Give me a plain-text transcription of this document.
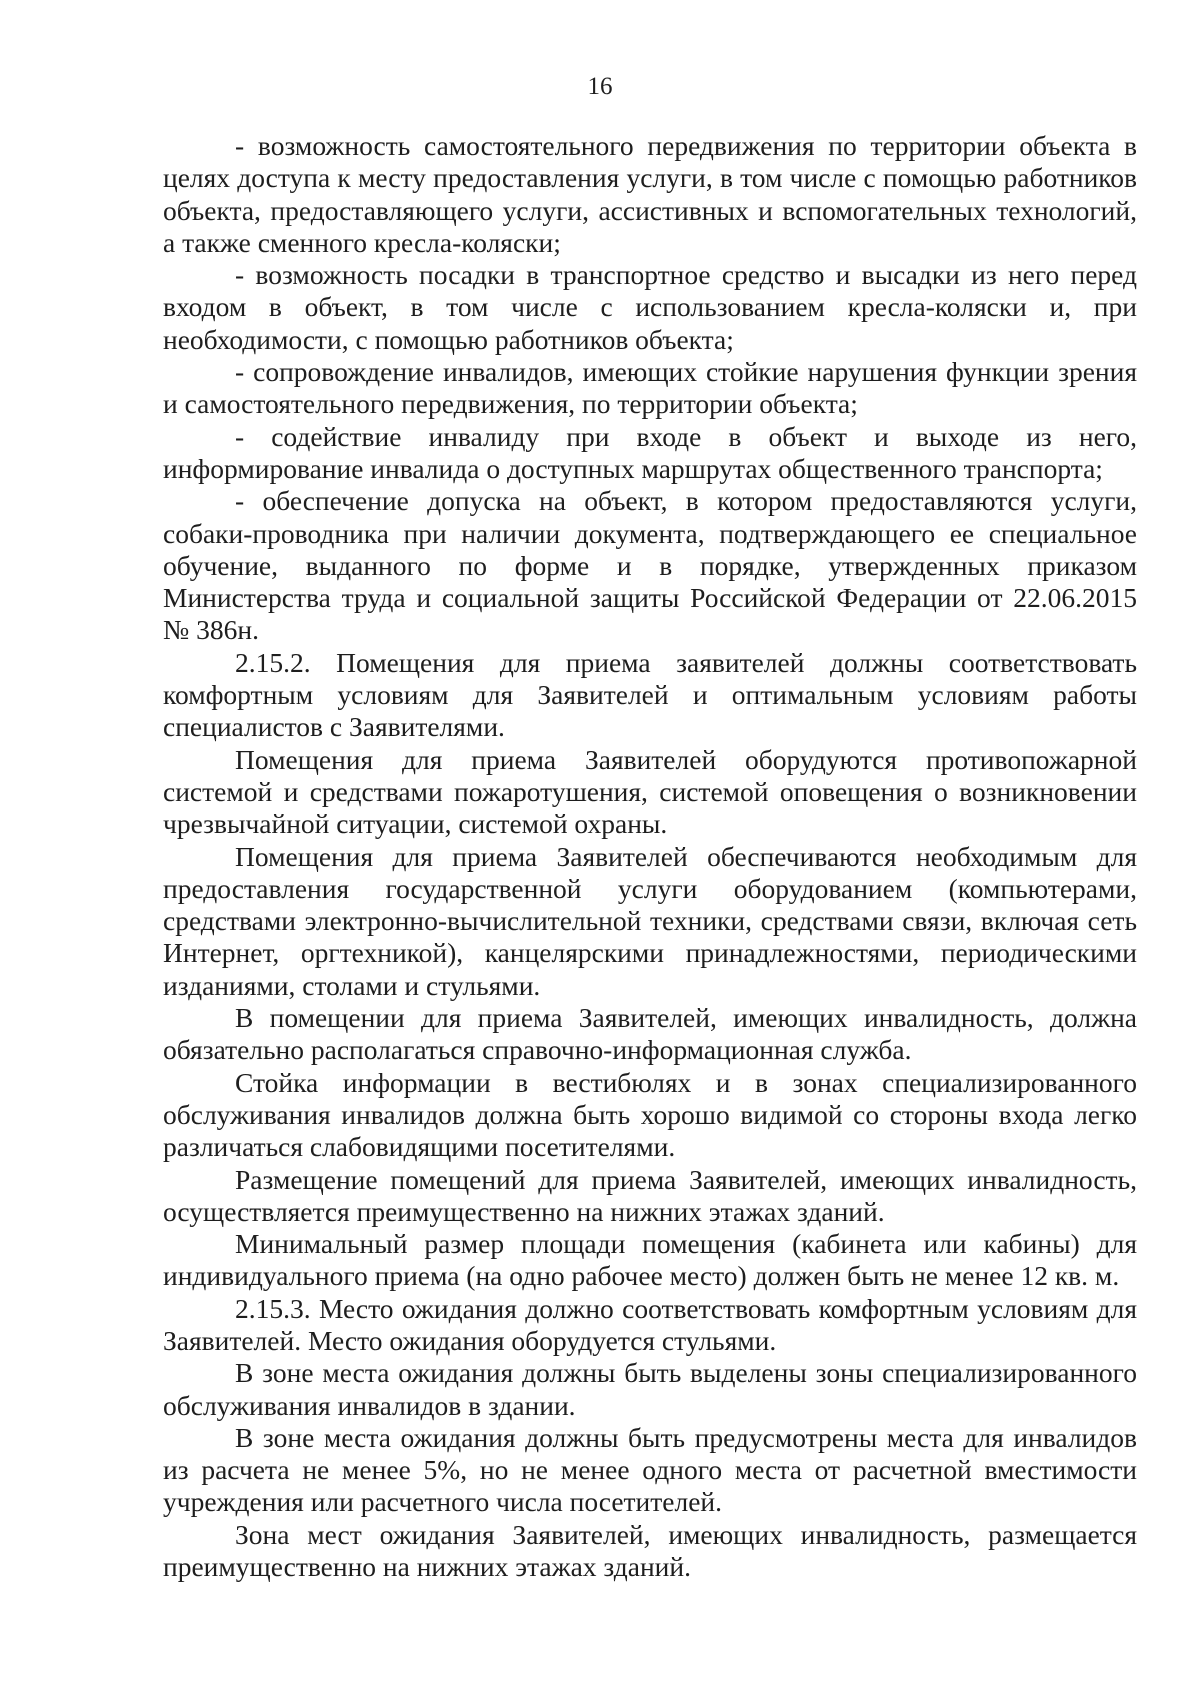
16

- возможность самостоятельного передвижения по территории объекта в целях доступа к месту предоставления услуги, в том числе с помощью работников объекта, предоставляющего услуги, ассистивных и вспомогательных технологий, а также сменного кресла-коляски;

- возможность посадки в транспортное средство и высадки из него перед входом в объект, в том числе с использованием кресла-коляски и, при необходимости, с помощью работников объекта;

- сопровождение инвалидов, имеющих стойкие нарушения функции зрения и самостоятельного передвижения, по территории объекта;

- содействие инвалиду при входе в объект и выходе из него, информирование инвалида о доступных маршрутах общественного транспорта;

- обеспечение допуска на объект, в котором предоставляются услуги, собаки-проводника при наличии документа, подтверждающего ее специальное обучение, выданного по форме и в порядке, утвержденных приказом Министерства труда и социальной защиты Российской Федерации от 22.06.2015 № 386н.

2.15.2. Помещения для приема заявителей должны соответствовать комфортным условиям для Заявителей и оптимальным условиям работы специалистов с Заявителями.

Помещения для приема Заявителей оборудуются противопожарной системой и средствами пожаротушения, системой оповещения о возникновении чрезвычайной ситуации, системой охраны.

Помещения для приема Заявителей обеспечиваются необходимым для предоставления государственной услуги оборудованием (компьютерами, средствами электронно-вычислительной техники, средствами связи, включая сеть Интернет, оргтехникой), канцелярскими принадлежностями, периодическими изданиями, столами и стульями.

В помещении для приема Заявителей, имеющих инвалидность, должна обязательно располагаться справочно-информационная служба.

Стойка информации в вестибюлях и в зонах специализированного обслуживания инвалидов должна быть хорошо видимой со стороны входа легко различаться слабовидящими посетителями.

Размещение помещений для приема Заявителей, имеющих инвалидность, осуществляется преимущественно на нижних этажах зданий.

Минимальный размер площади помещения (кабинета или кабины) для индивидуального приема (на одно рабочее место) должен быть не менее 12 кв. м.

2.15.3. Место ожидания должно соответствовать комфортным условиям для Заявителей. Место ожидания оборудуется стульями.

В зоне места ожидания должны быть выделены зоны специализированного обслуживания инвалидов в здании.

В зоне места ожидания должны быть предусмотрены места для инвалидов из расчета не менее 5%, но не менее одного места от расчетной вместимости учреждения или расчетного числа посетителей.

Зона мест ожидания Заявителей, имеющих инвалидность, размещается преимущественно на нижних этажах зданий.
